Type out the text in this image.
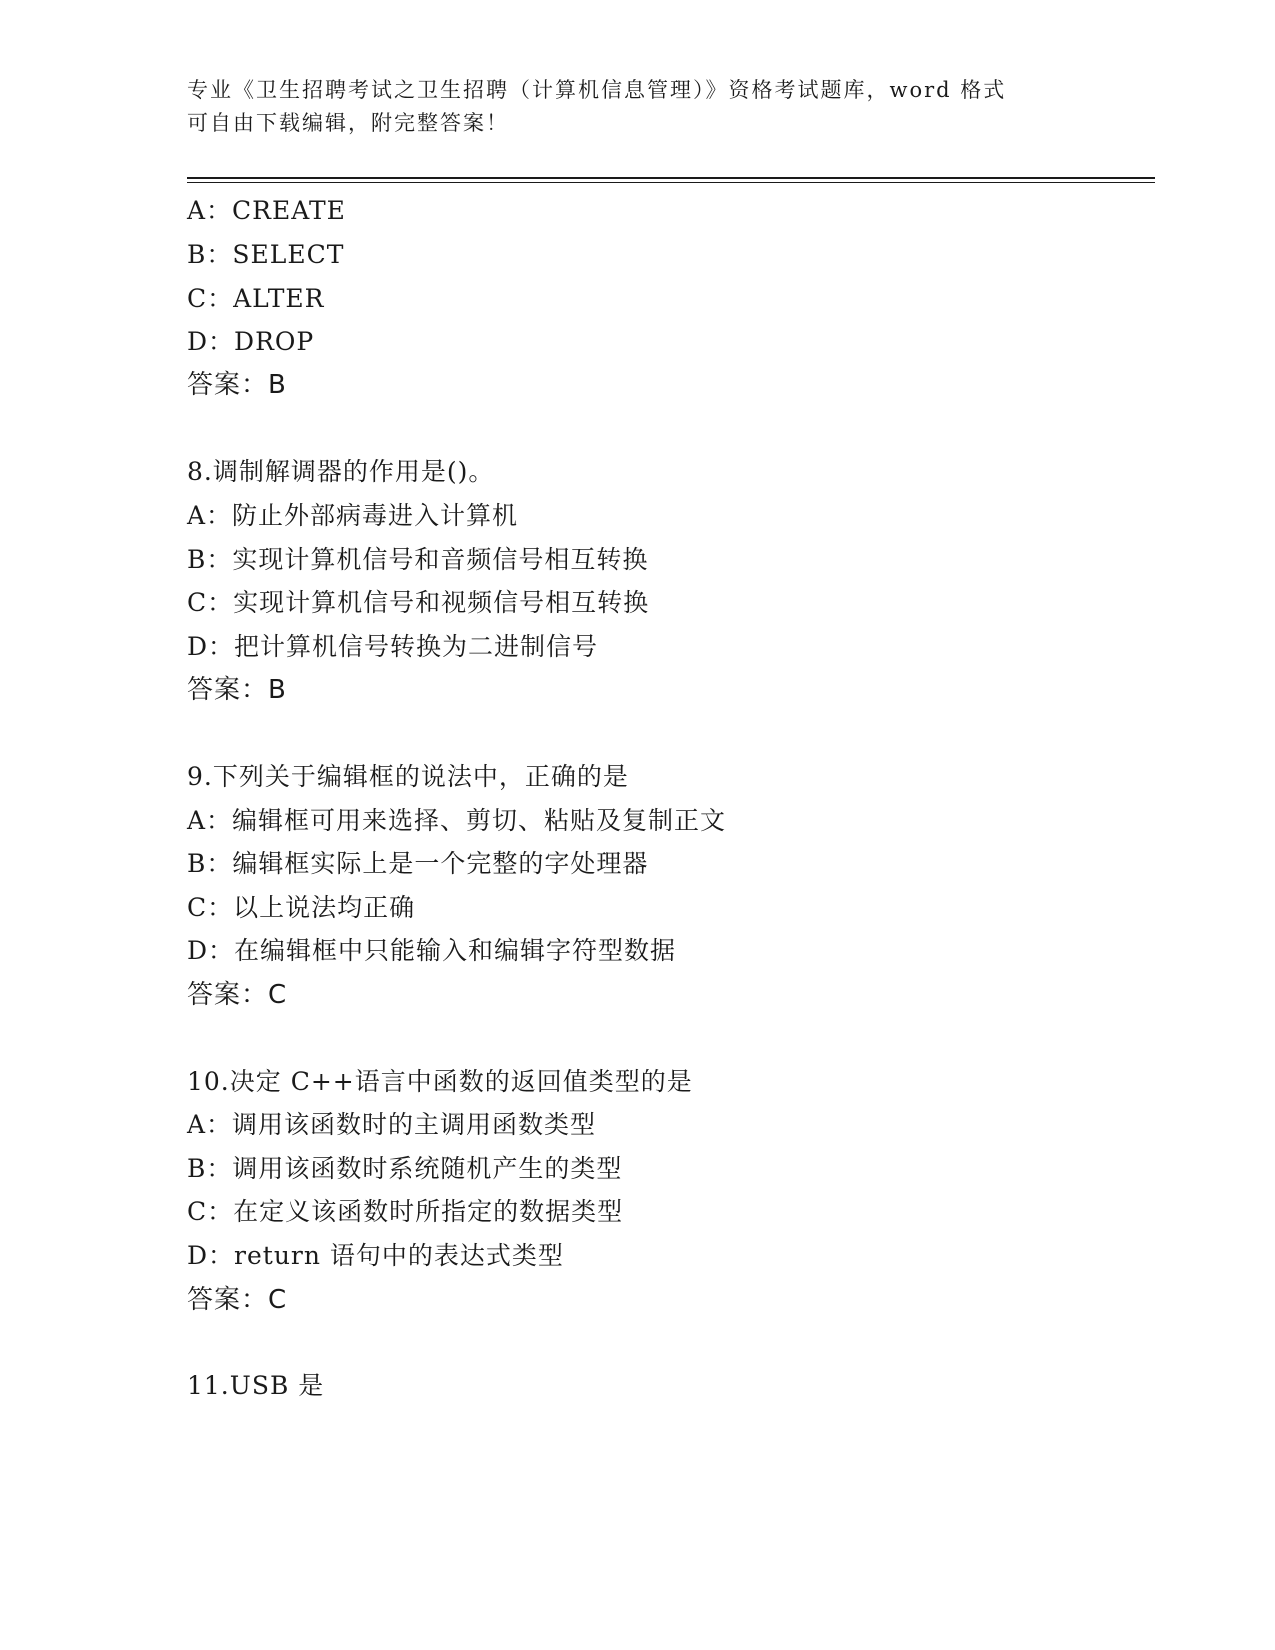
专业《卫生招聘考试之卫生招聘（计算机信息管理）》资格考试题库，word 格式
可自由下载编辑，附完整答案！
A：CREATE
B：SELECT
C：ALTER
D：DROP
答案：B
8.调制解调器的作用是()。
A：防止外部病毒进入计算机
B：实现计算机信号和音频信号相互转换
C：实现计算机信号和视频信号相互转换
D：把计算机信号转换为二进制信号
答案：B
9.下列关于编辑框的说法中，正确的是
A：编辑框可用来选择、剪切、粘贴及复制正文
B：编辑框实际上是一个完整的字处理器
C：以上说法均正确
D：在编辑框中只能输入和编辑字符型数据
答案：C
10.决定 C++语言中函数的返回值类型的是
A：调用该函数时的主调用函数类型
B：调用该函数时系统随机产生的类型
C：在定义该函数时所指定的数据类型
D：return 语句中的表达式类型
答案：C
11.USB 是
